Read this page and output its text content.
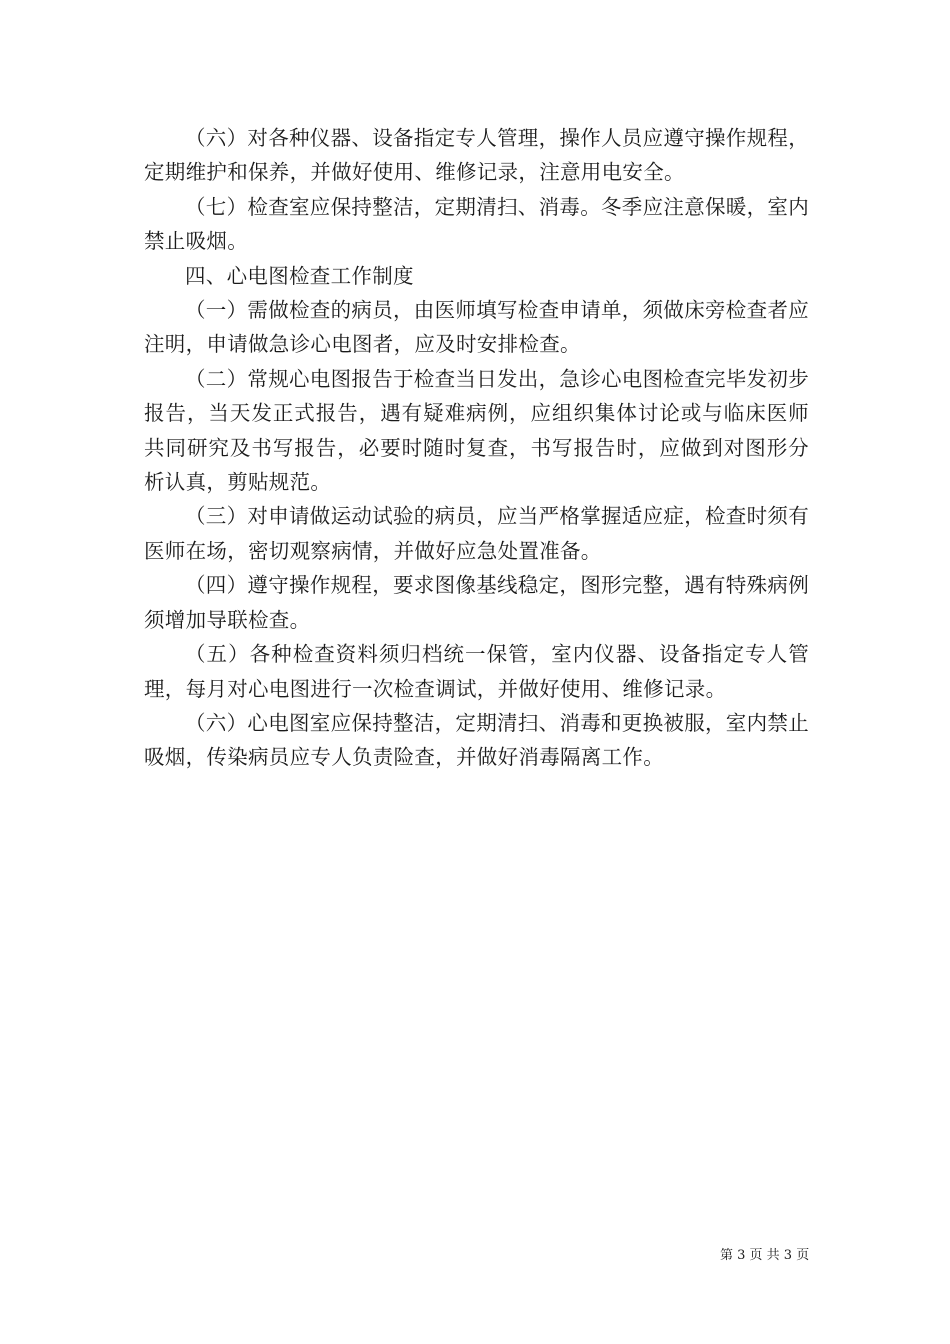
（六）对各种仪器、设备指定专人管理，操作人员应遵守操作规程，定期维护和保养，并做好使用、维修记录，注意用电安全。

（七）检查室应保持整洁，定期清扫、消毒。冬季应注意保暖，室内禁止吸烟。

四、心电图检查工作制度

（一）需做检查的病员，由医师填写检查申请单，须做床旁检查者应注明，申请做急诊心电图者，应及时安排检查。

（二）常规心电图报告于检查当日发出，急诊心电图检查完毕发初步报告，当天发正式报告，遇有疑难病例，应组织集体讨论或与临床医师共同研究及书写报告，必要时随时复查，书写报告时，应做到对图形分析认真，剪贴规范。

（三）对申请做运动试验的病员，应当严格掌握适应症，检查时须有医师在场，密切观察病情，并做好应急处置准备。

（四）遵守操作规程，要求图像基线稳定，图形完整，遇有特殊病例须增加导联检查。

（五）各种检查资料须归档统一保管，室内仪器、设备指定专人管理，每月对心电图进行一次检查调试，并做好使用、维修记录。

（六）心电图室应保持整洁，定期清扫、消毒和更换被服，室内禁止吸烟，传染病员应专人负责险查，并做好消毒隔离工作。

第 3 页 共 3 页
